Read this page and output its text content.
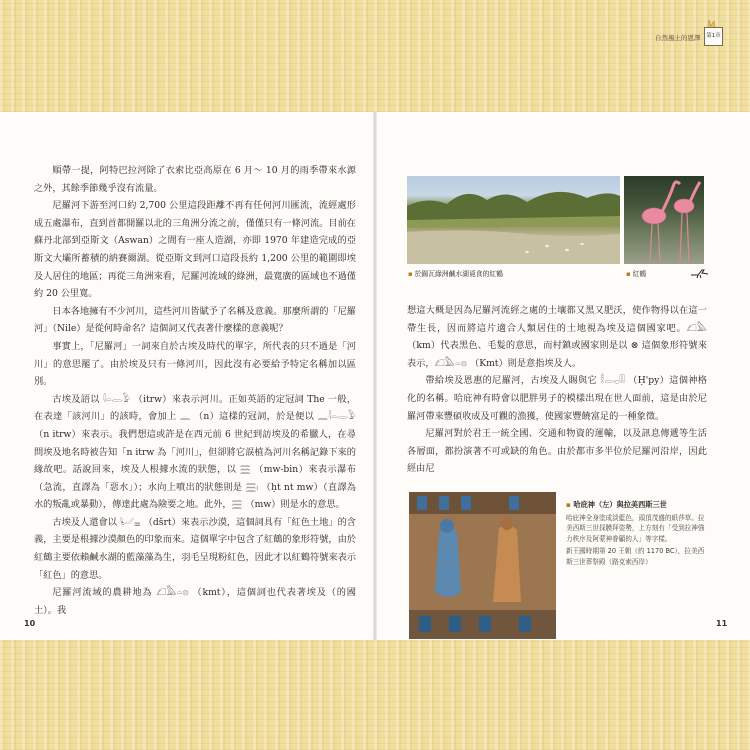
自然風土的恩澤	第1章

順帶一提，阿特巴拉河除了衣索比亞高原在 6 月～ 10 月的雨季帶來水源之外，其餘季節幾乎沒有流量。

尼羅河下游至河口約 2,700 公里這段距離不再有任何河川匯流，流經處形成五處瀑布，直到首都開羅以北的三角洲分流之前，僅僅只有一條河流。目前在蘇丹北部到亞斯文（Aswan）之間有一座人造湖，亦即 1970 年建造完成的亞斯文大壩所蓄積的納賽爾湖。從亞斯文到河口這段長約 1,200 公里的範圍即埃及人居住的地區；再從三角洲來看，尼羅河流域的綠洲，最寬廣的區域也不過僅約 20 公里寬。

日本各地擁有不少河川，這些河川皆賦予了名稱及意義。那麼所謂的「尼羅河」（Nile）是從何時命名？這個詞又代表著什麼樣的意義呢？

事實上，「尼羅河」一詞來自於古埃及時代的單字，所代表的只不過是「河川」的意思罷了。由於埃及只有一條河川，因此沒有必要給予特定名稱加以區別。

古埃及語以 𓇋𓏏𓂋𓅱 （itrw）來表示河川。正如英語的定冠詞 The 一般，在表達「該河川」的該時，會加上 𓈖 （n）這樣的冠詞，於是便以 𓈖𓇋𓏏𓂋𓅱 （n itrw）來表示。我們想這或許是在西元前 6 世紀到訪埃及的希臘人，在尋問埃及地名時被告知「n itrw 為「河川」，但卻將它誤植為河川名稱記錄下來的緣故吧。話說回來，埃及人根據水流的狀態，以 𓈗 （mw-bin）來表示瀑布（急流，直譯為「惡水」）；水向上噴出的狀態則是 𓈗𓏤 （ḥt nt mw）（直譯為水的叛亂或暴動），傳達此處為險要之地。此外，𓈗 （mw）則是水的意思。

古埃及人還會以 𓂦𓈇 （dšrt）來表示沙漠，這個詞具有「紅色土地」的含義，主要是根據沙漠顏色的印象而來。這個單字中包含了紅鶴的象形符號，由於紅鶴主要依賴鹹水湖的藍藻藻為生，羽毛呈現粉紅色，因此才以紅鶴符號來表示「紅色」的意思。

尼羅河流域的農耕地為 𓆎𓅓𓏏𓊖 （kmt），這個詞也代表著埃及（的國土）。我

10
▪ 於錫瓦綠洲鹹水湖覓食的紅鶴	▪ 紅鶴

想這大概是因為尼羅河流經之處的土壤都又黑又肥沃，使作物得以在這一帶生長，因而將這片適合人類居住的土地視為埃及這個國家吧。𓆎𓅓 （km）代表黑色、毛髮的意思，而村鎮或國家則是以 ⊗ 這個象形符號來表示，𓆎𓅓𓏏𓊖 （Kmt）則是意指埃及人。

帶給埃及恩惠的尼羅河，古埃及人賜與它 𓎛𓂋𓊪𓇌 （Ḥ'py）這個神格化的名稱。哈庇神有時會以肥胖男子的模樣出現在世人面前，這是由於尼羅河帶來豐碩收成及可觀的漁獲，使國家豐饒富足的一種象徵。

尼羅河對於君王一統全國、交通和物資的運輸，以及訊息傳遞等生活各層面，都扮演著不可或缺的角色。由於都市多半位於尼羅河沿岸，因此經由尼

▪ 哈庇神（左）與拉美西斯三世
哈庇神全身塗成淡藍色，頭頂茂盛的紙莎草。拉美西斯三世採膜拜姿勢，上方刻有「受到拉神強力秩序及阿蒙神眷顧的人」等字樣。
新王國時期第 20 王朝（約 1170 BC），拉美西斯三世葬祭殿（路克索西岸）
11
